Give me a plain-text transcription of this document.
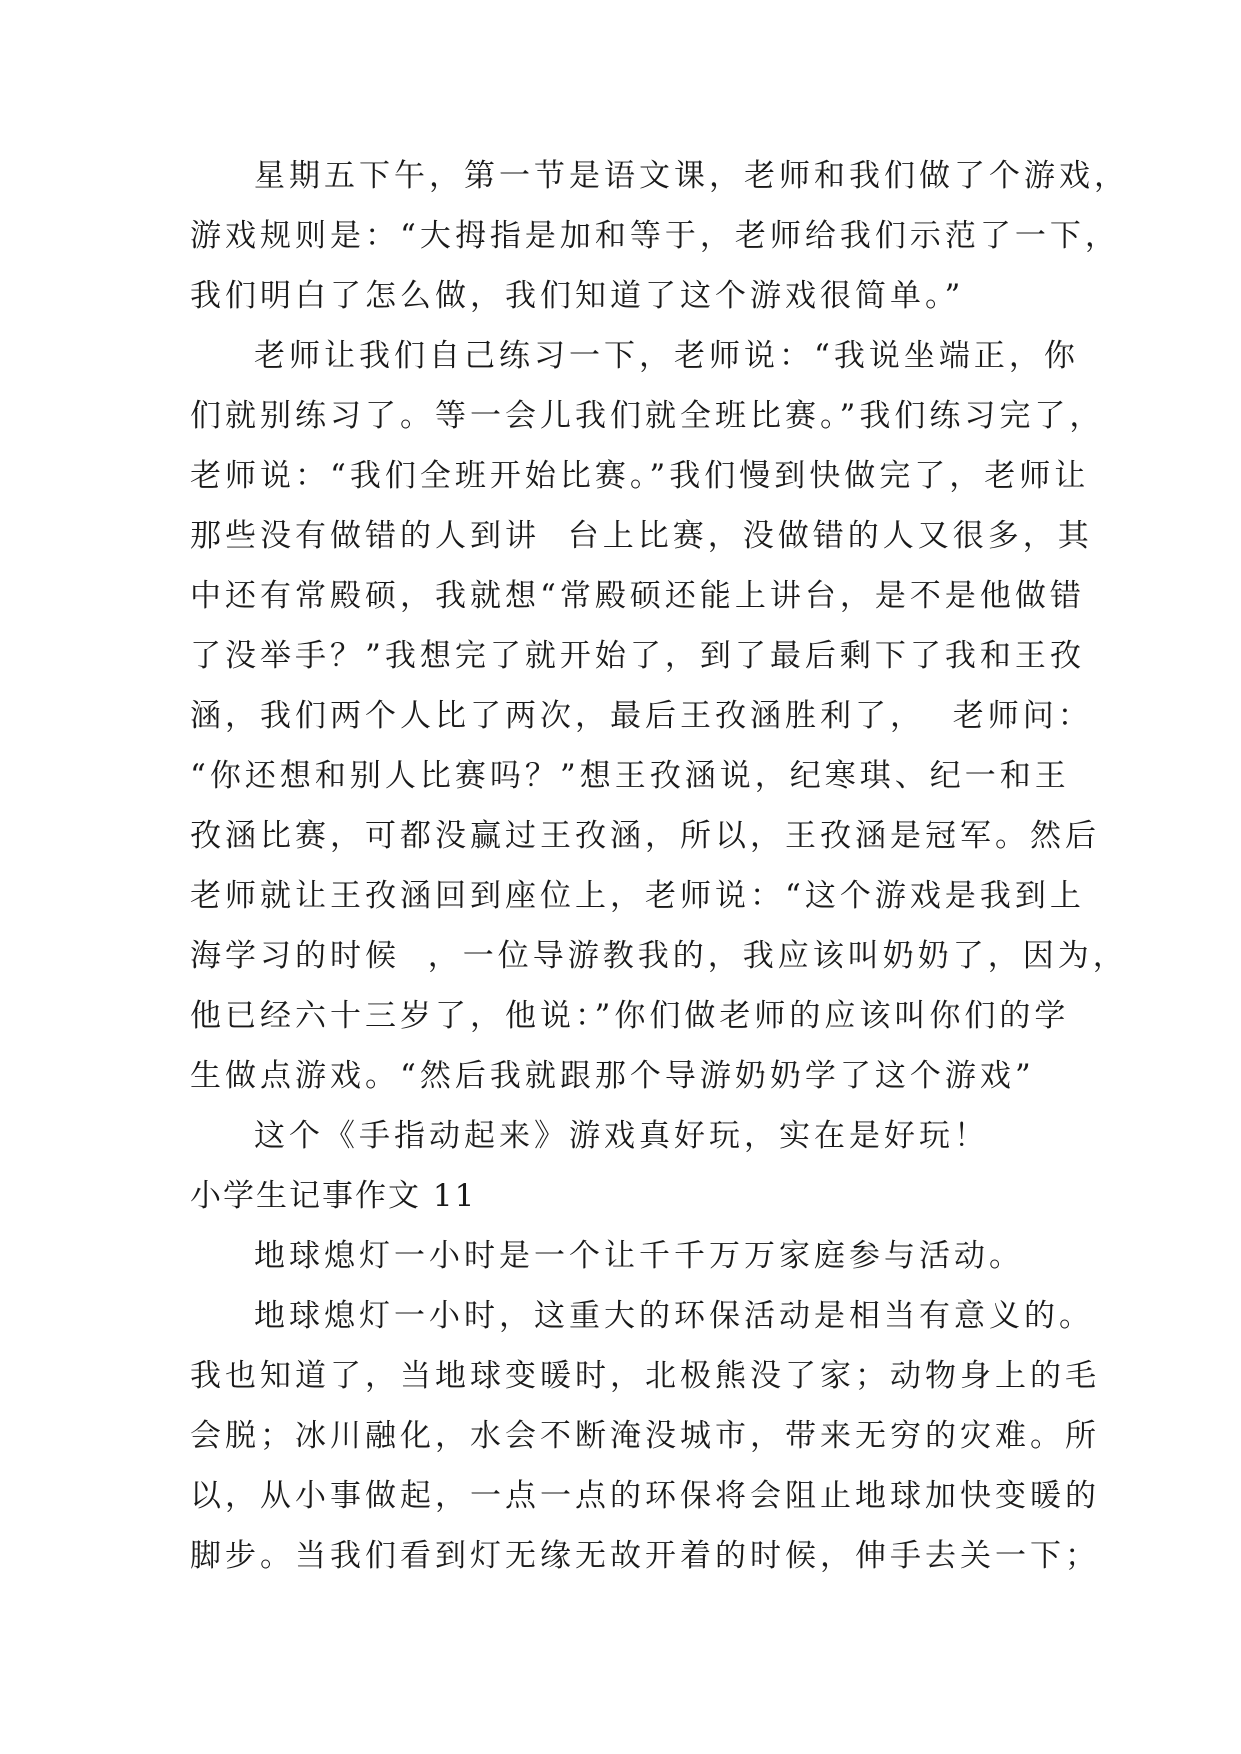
星期五下午，第一节是语文课，老师和我们做了个游戏，
游戏规则是：“大拇指是加和等于，老师给我们示范了一下，
我们明白了怎么做，我们知道了这个游戏很简单。”
老师让我们自己练习一下，老师说：“我说坐端正，你
们就别练习了。等一会儿我们就全班比赛。”我们练习完了，
老师说：“我们全班开始比赛。”我们慢到快做完了，老师让
那些没有做错的人到讲  台上比赛，没做错的人又很多，其
中还有常殿硕，我就想“常殿硕还能上讲台，是不是他做错
了没举手？”我想完了就开始了，到了最后剩下了我和王孜
涵，我们两个人比了两次，最后王孜涵胜利了，  老师问：
“你还想和别人比赛吗？”想王孜涵说，纪寒琪、纪一和王
孜涵比赛，可都没赢过王孜涵，所以，王孜涵是冠军。然后
老师就让王孜涵回到座位上，老师说：“这个游戏是我到上
海学习的时候  ，一位导游教我的，我应该叫奶奶了，因为，
他已经六十三岁了，他说：”你们做老师的应该叫你们的学
生做点游戏。“然后我就跟那个导游奶奶学了这个游戏”
这个《手指动起来》游戏真好玩，实在是好玩！
小学生记事作文 11
地球熄灯一小时是一个让千千万万家庭参与活动。
地球熄灯一小时，这重大的环保活动是相当有意义的。
我也知道了，当地球变暖时，北极熊没了家；动物身上的毛
会脱；冰川融化，水会不断淹没城市，带来无穷的灾难。所
以，从小事做起，一点一点的环保将会阻止地球加快变暖的
脚步。当我们看到灯无缘无故开着的时候，伸手去关一下；
